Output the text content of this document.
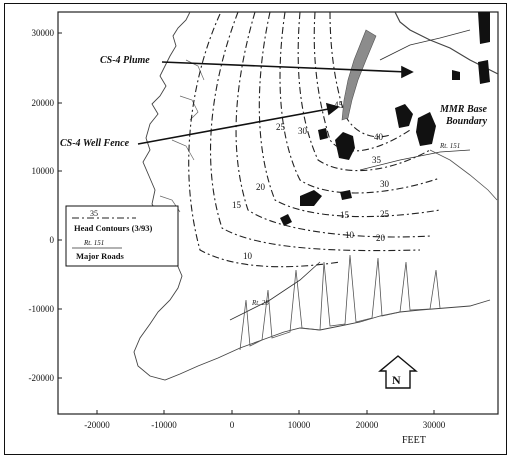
45
40
35
30
25
20
15
10
30
25
20
15
10
Rt. 151
Rt. 28
CS-4 Plume
CS-4 Well Fence
MMR Base
Boundary
35
Head Contours (3/93)
Rt. 151
Major Roads
N
30000
20000
10000
0
-10000
-20000
-20000	-10000	0	10000	20000	30000
FEET
